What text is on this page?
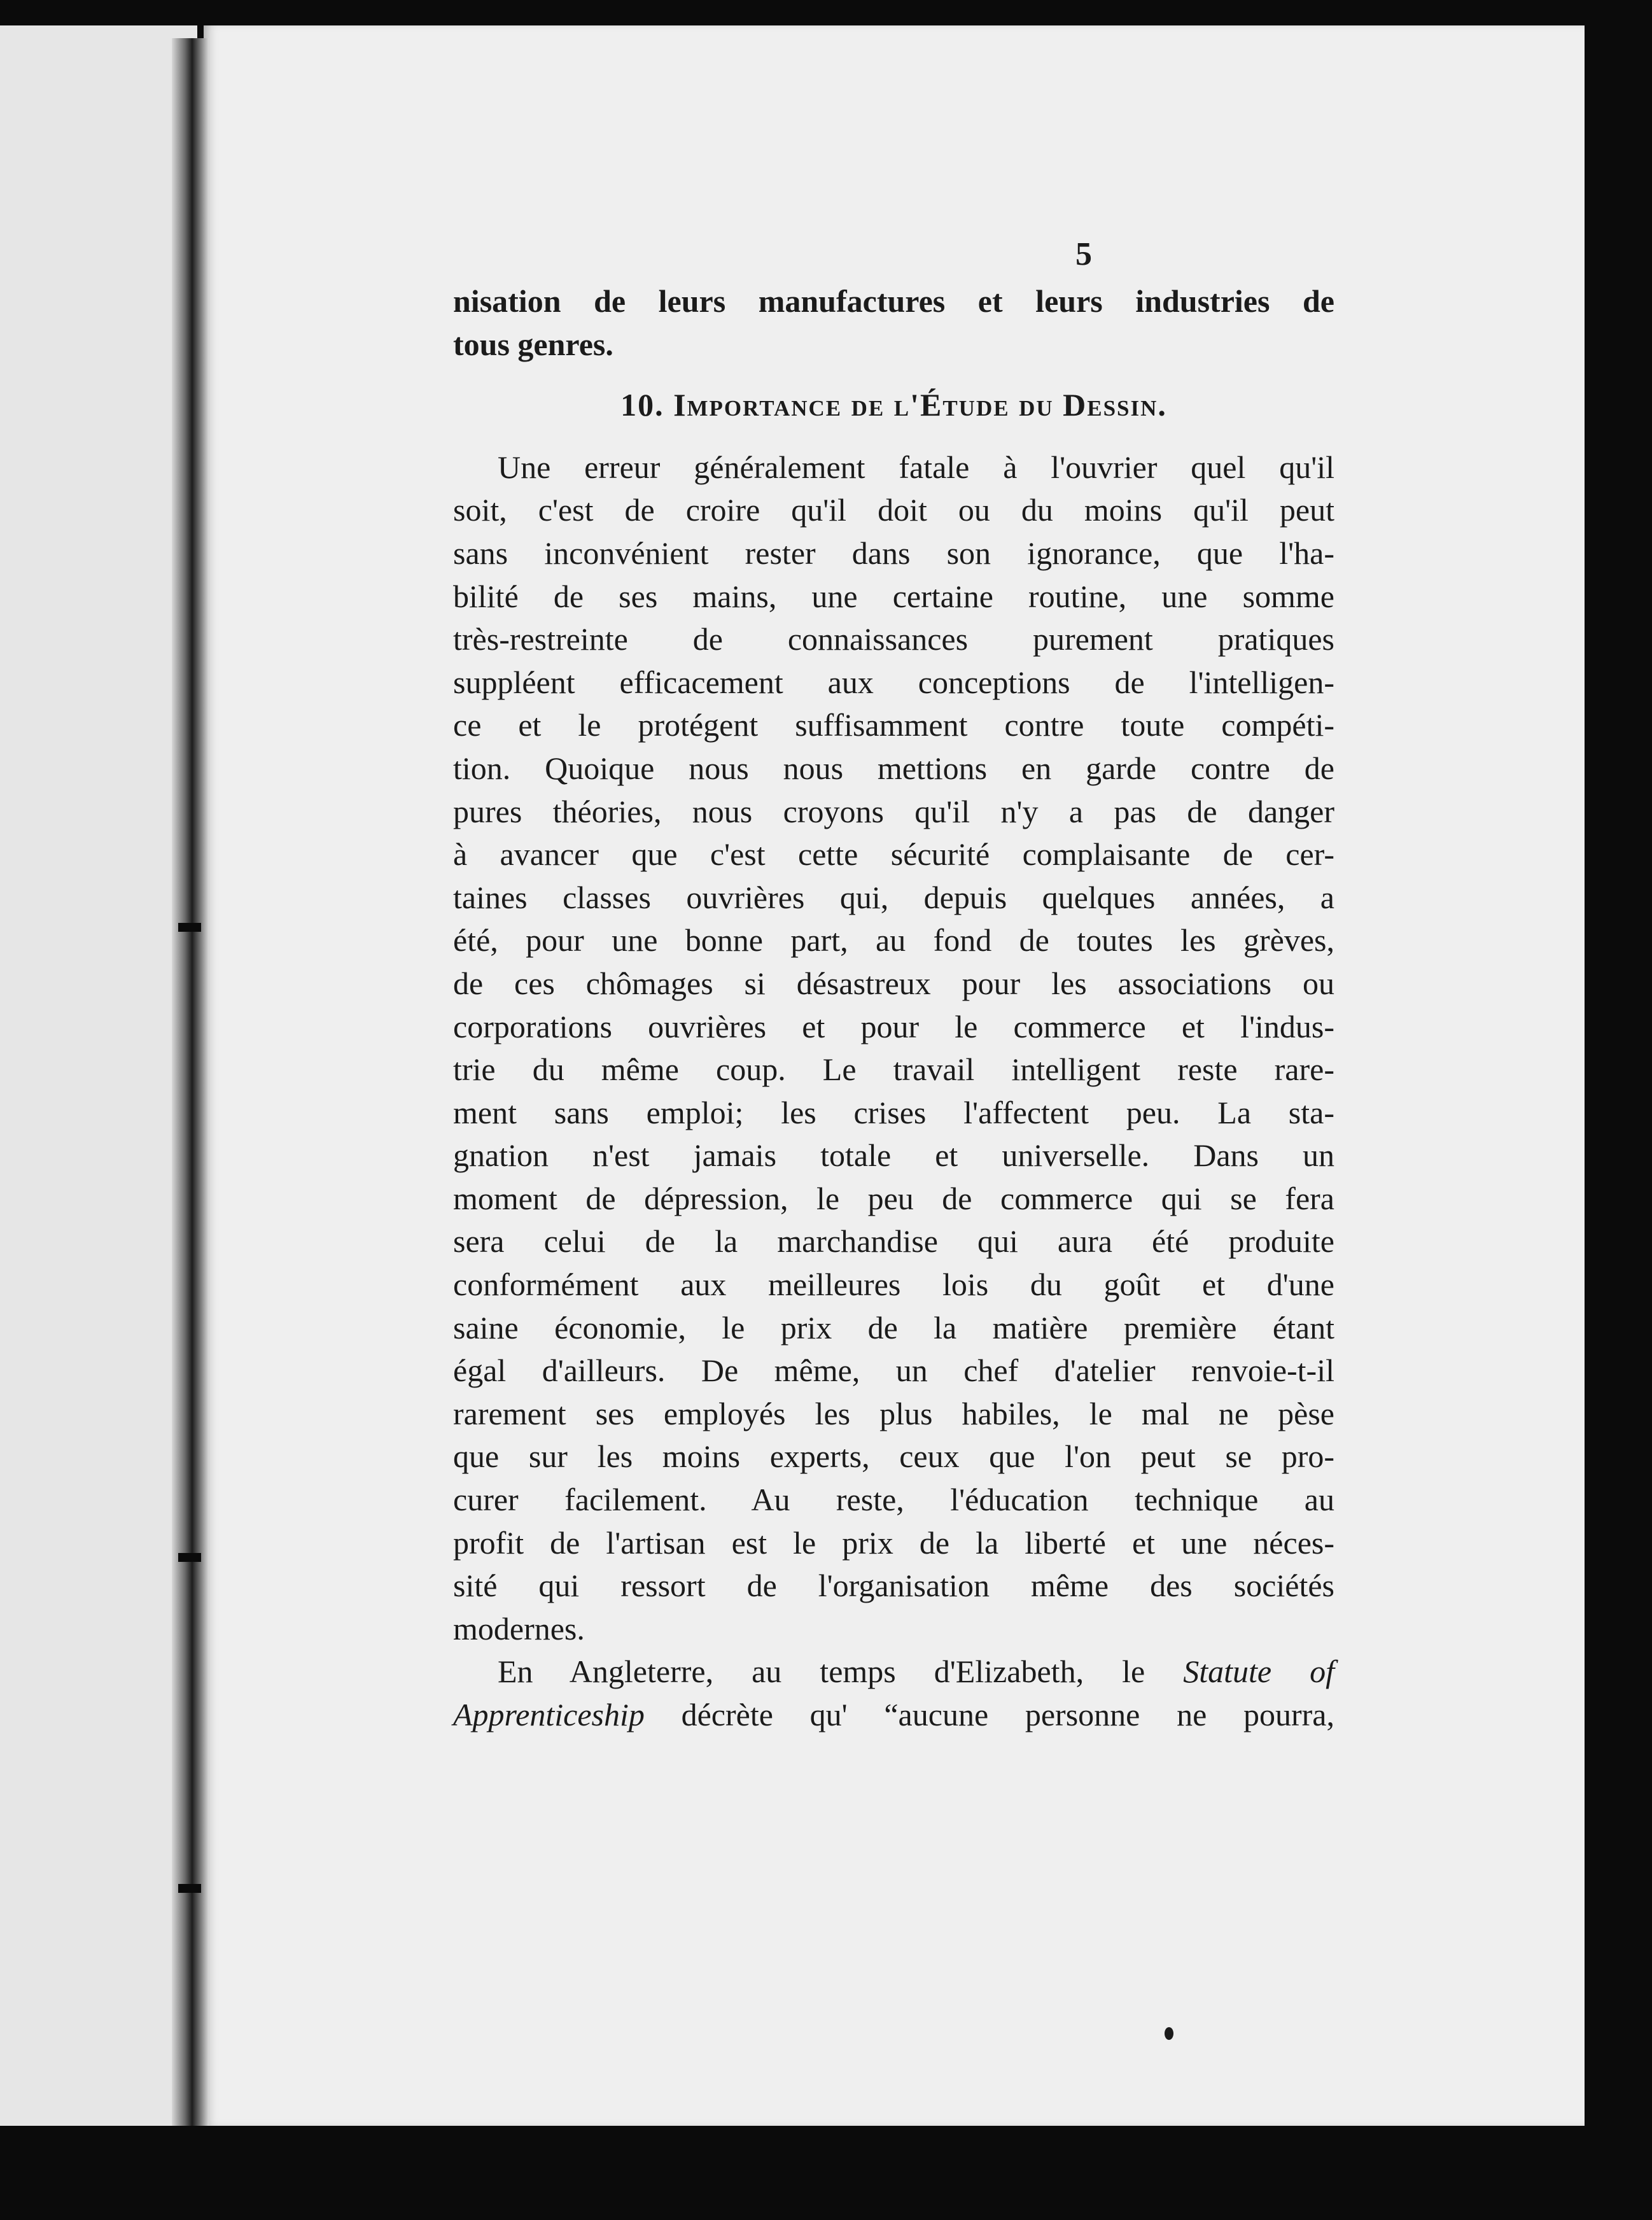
5
nisation de leurs manufactures et leurs industries de
tous genres.
10. Importance de l'Étude du Dessin.
Une erreur généralement fatale à l'ouvrier quel qu'il
soit, c'est de croire qu'il doit ou du moins qu'il peut
sans inconvénient rester dans son ignorance, que l'ha-
bilité de ses mains, une certaine routine, une somme
très-restreinte de connaissances purement pratiques
suppléent efficacement aux conceptions de l'intelligen-
ce et le protégent suffisamment contre toute compéti-
tion. Quoique nous nous mettions en garde contre de
pures théories, nous croyons qu'il n'y a pas de danger
à avancer que c'est cette sécurité complaisante de cer-
taines classes ouvrières qui, depuis quelques années, a
été, pour une bonne part, au fond de toutes les grèves,
de ces chômages si désastreux pour les associations ou
corporations ouvrières et pour le commerce et l'indus-
trie du même coup. Le travail intelligent reste rare-
ment sans emploi; les crises l'affectent peu. La sta-
gnation n'est jamais totale et universelle. Dans un
moment de dépression, le peu de commerce qui se fera
sera celui de la marchandise qui aura été produite
conformément aux meilleures lois du goût et d'une
saine économie, le prix de la matière première étant
égal d'ailleurs. De même, un chef d'atelier renvoie-t-il
rarement ses employés les plus habiles, le mal ne pèse
que sur les moins experts, ceux que l'on peut se pro-
curer facilement. Au reste, l'éducation technique au
profit de l'artisan est le prix de la liberté et une néces-
sité qui ressort de l'organisation même des sociétés
modernes.
En Angleterre, au temps d'Elizabeth, le Statute of
Apprenticeship décrète qu' “aucune personne ne pourra,
